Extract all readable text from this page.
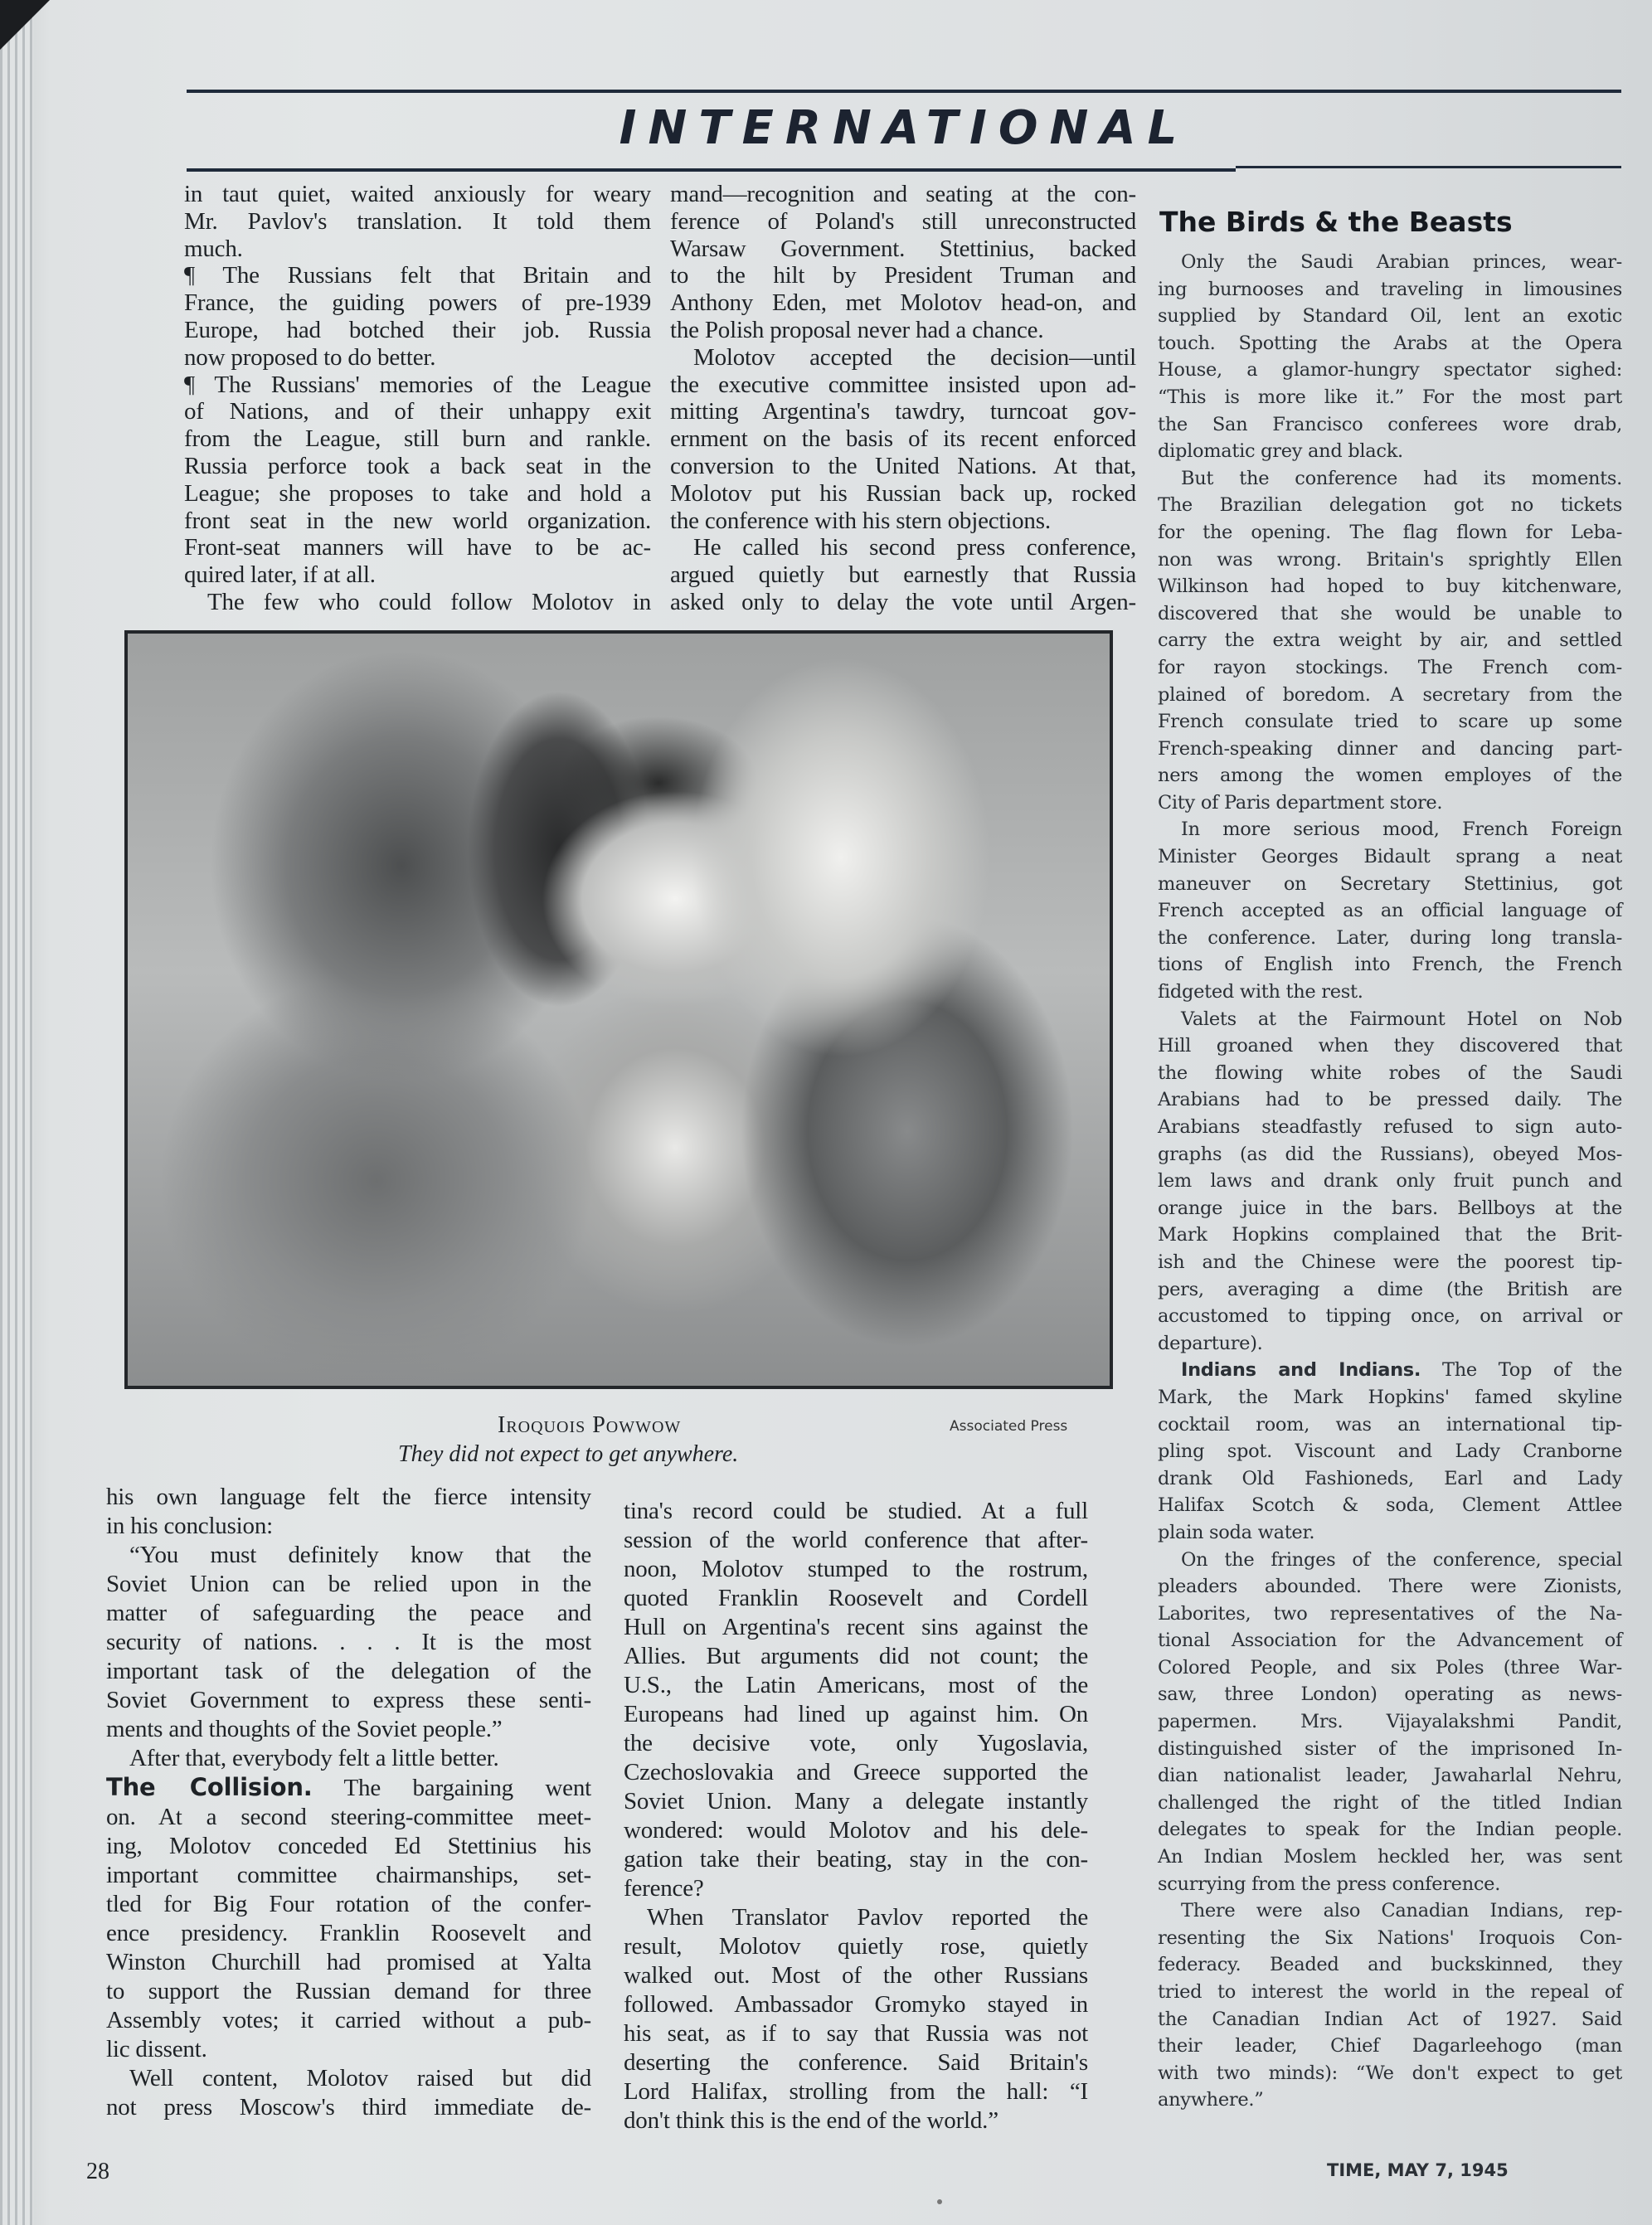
INTERNATIONAL
in taut quiet, waited anxiously for weary
Mr. Pavlov's translation. It told them
much.
¶ The Russians felt that Britain and
France, the guiding powers of pre-1939
Europe, had botched their job. Russia
now proposed to do better.
¶ The Russians' memories of the League
of Nations, and of their unhappy exit
from the League, still burn and rankle.
Russia perforce took a back seat in the
League; she proposes to take and hold a
front seat in the new world organization.
Front-seat manners will have to be ac-
quired later, if at all.
The few who could follow Molotov in
mand—recognition and seating at the con-
ference of Poland's still unreconstructed
Warsaw Government. Stettinius, backed
to the hilt by President Truman and
Anthony Eden, met Molotov head-on, and
the Polish proposal never had a chance.
Molotov accepted the decision—until
the executive committee insisted upon ad-
mitting Argentina's tawdry, turncoat gov-
ernment on the basis of its recent enforced
conversion to the United Nations. At that,
Molotov put his Russian back up, rocked
the conference with his stern objections.
He called his second press conference,
argued quietly but earnestly that Russia
asked only to delay the vote until Argen-
The Birds & the Beasts
Only the Saudi Arabian princes, wear-
ing burnooses and traveling in limousines
supplied by Standard Oil, lent an exotic
touch. Spotting the Arabs at the Opera
House, a glamor-hungry spectator sighed:
“This is more like it.” For the most part
the San Francisco conferees wore drab,
diplomatic grey and black.
But the conference had its moments.
The Brazilian delegation got no tickets
for the opening. The flag flown for Leba-
non was wrong. Britain's sprightly Ellen
Wilkinson had hoped to buy kitchenware,
discovered that she would be unable to
carry the extra weight by air, and settled
for rayon stockings. The French com-
plained of boredom. A secretary from the
French consulate tried to scare up some
French-speaking dinner and dancing part-
ners among the women employes of the
City of Paris department store.
In more serious mood, French Foreign
Minister Georges Bidault sprang a neat
maneuver on Secretary Stettinius, got
French accepted as an official language of
the conference. Later, during long transla-
tions of English into French, the French
fidgeted with the rest.
Valets at the Fairmount Hotel on Nob
Hill groaned when they discovered that
the flowing white robes of the Saudi
Arabians had to be pressed daily. The
Arabians steadfastly refused to sign auto-
graphs (as did the Russians), obeyed Mos-
lem laws and drank only fruit punch and
orange juice in the bars. Bellboys at the
Mark Hopkins complained that the Brit-
ish and the Chinese were the poorest tip-
pers, averaging a dime (the British are
accustomed to tipping once, on arrival or
departure).
Indians and Indians. The Top of the
Mark, the Mark Hopkins' famed skyline
cocktail room, was an international tip-
pling spot. Viscount and Lady Cranborne
drank Old Fashioneds, Earl and Lady
Halifax Scotch & soda, Clement Attlee
plain soda water.
On the fringes of the conference, special
pleaders abounded. There were Zionists,
Laborites, two representatives of the Na-
tional Association for the Advancement of
Colored People, and six Poles (three War-
saw, three London) operating as news-
papermen. Mrs. Vijayalakshmi Pandit,
distinguished sister of the imprisoned In-
dian nationalist leader, Jawaharlal Nehru,
challenged the right of the titled Indian
delegates to speak for the Indian people.
An Indian Moslem heckled her, was sent
scurrying from the press conference.
There were also Canadian Indians, rep-
resenting the Six Nations' Iroquois Con-
federacy. Beaded and buckskinned, they
tried to interest the world in the repeal of
the Canadian Indian Act of 1927. Said
their leader, Chief Dagarleehogo (man
with two minds): “We don't expect to get
anywhere.”
Iroquois Powwow	Associated Press
They did not expect to get anywhere.
his own language felt the fierce intensity
in his conclusion:
“You must definitely know that the
Soviet Union can be relied upon in the
matter of safeguarding the peace and
security of nations. . . . It is the most
important task of the delegation of the
Soviet Government to express these senti-
ments and thoughts of the Soviet people.”
After that, everybody felt a little better.
The Collision. The bargaining went
on. At a second steering-committee meet-
ing, Molotov conceded Ed Stettinius his
important committee chairmanships, set-
tled for Big Four rotation of the confer-
ence presidency. Franklin Roosevelt and
Winston Churchill had promised at Yalta
to support the Russian demand for three
Assembly votes; it carried without a pub-
lic dissent.
Well content, Molotov raised but did
not press Moscow's third immediate de-
tina's record could be studied. At a full
session of the world conference that after-
noon, Molotov stumped to the rostrum,
quoted Franklin Roosevelt and Cordell
Hull on Argentina's recent sins against the
Allies. But arguments did not count; the
U.S., the Latin Americans, most of the
Europeans had lined up against him. On
the decisive vote, only Yugoslavia,
Czechoslovakia and Greece supported the
Soviet Union. Many a delegate instantly
wondered: would Molotov and his dele-
gation take their beating, stay in the con-
ference?
When Translator Pavlov reported the
result, Molotov quietly rose, quietly
walked out. Most of the other Russians
followed. Ambassador Gromyko stayed in
his seat, as if to say that Russia was not
deserting the conference. Said Britain's
Lord Halifax, strolling from the hall: “I
don't think this is the end of the world.”
28	TIME, MAY 7, 1945
